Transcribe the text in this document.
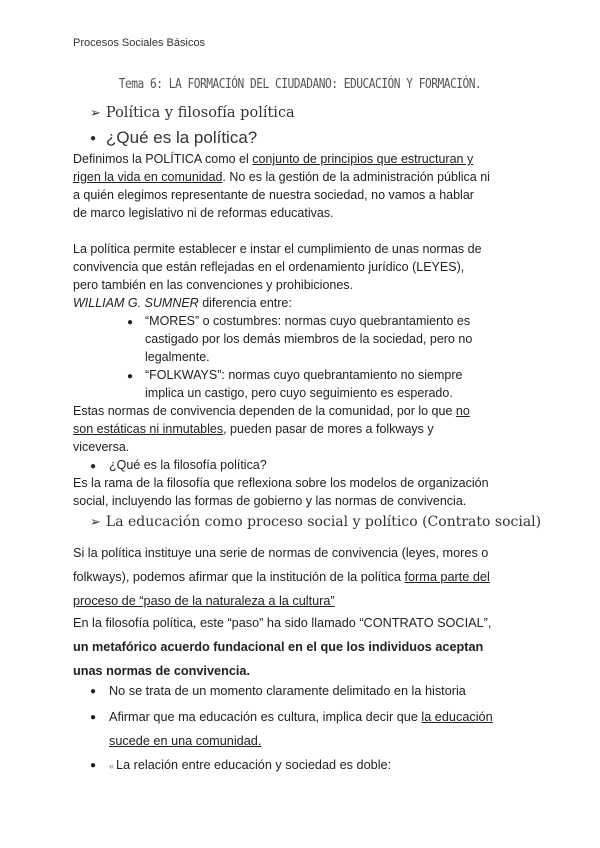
Procesos Sociales Básicos
Tema 6: LA FORMACIÓN DEL CIUDADANO: EDUCACIÓN Y FORMACIÓN.
➢ Política y filosofía política
● ¿Qué es la política?
Definimos la POLÍTICA como el conjunto de principios que estructuran y
rigen la vida en comunidad. No es la gestión de la administración pública ni
a quién elegimos representante de nuestra sociedad, no vamos a hablar
de marco legislativo ni de reformas educativas.
La política permite establecer e instar el cumplimiento de unas normas de
convivencia que están reflejadas en el ordenamiento jurídico (LEYES),
pero también en las convenciones y prohibiciones.
WILLIAM G. SUMNER diferencia entre:
● “MORES” o costumbres: normas cuyo quebrantamiento es
castigado por los demás miembros de la sociedad, pero no
legalmente.
● “FOLKWAYS”: normas cuyo quebrantamiento no siempre
implica un castigo, pero cuyo seguimiento es esperado.
Estas normas de convivencia dependen de la comunidad, por lo que no
son estáticas ni inmutables, pueden pasar de mores a folkways y
viceversa.
● ¿Qué es la filosofía política?
Es la rama de la filosofía que reflexiona sobre los modelos de organización
social, incluyendo las formas de gobierno y las normas de convivencia.
➢ La educación como proceso social y político (Contrato social)
Si la política instituye una serie de normas de convivencia (leyes, mores o
folkways), podemos afirmar que la institución de la política forma parte del
proceso de “paso de la naturaleza a la cultura”
En la filosofía política, este “paso” ha sido llamado “CONTRATO SOCIAL”,
un metafórico acuerdo fundacional en el que los individuos aceptan
unas normas de convivencia.
● No se trata de un momento claramente delimitado en la historia
● Afirmar que ma educación es cultura, implica decir que la educación
sucede en una comunidad.
● « La relación entre educación y sociedad es doble:
